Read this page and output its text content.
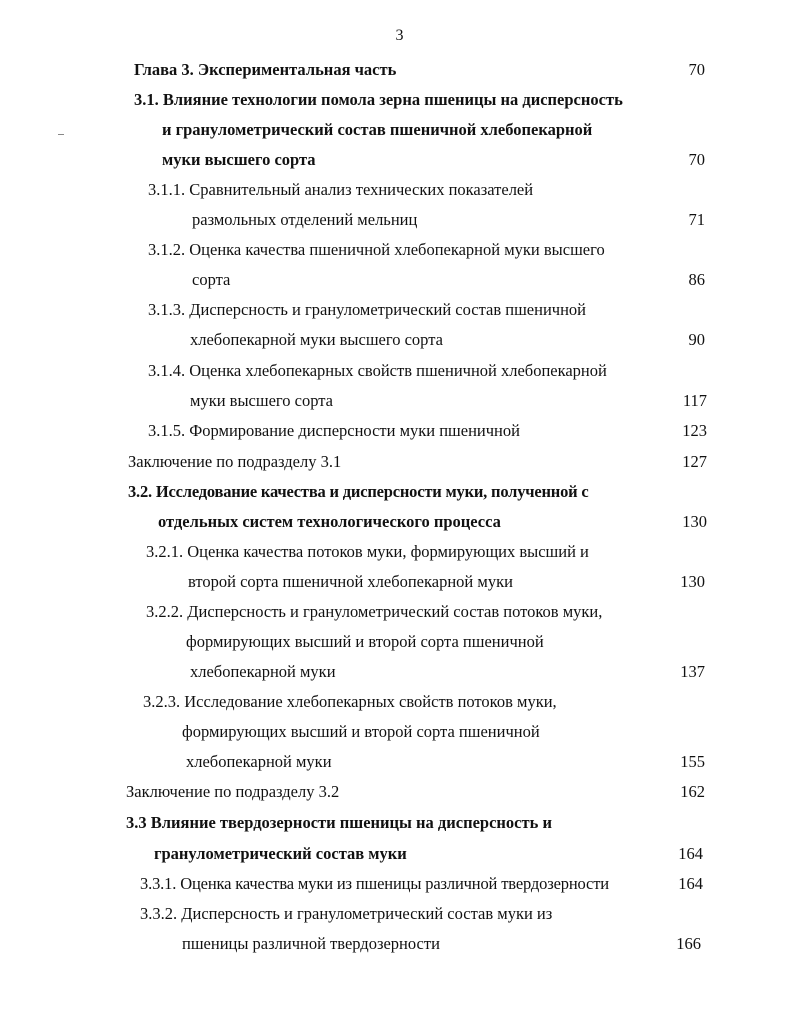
3
Глава 3. Экспериментальная часть	70
3.1. Влияние технологии помола зерна пшеницы на дисперсность
и гранулометрический состав пшеничной хлебопекарной
муки высшего сорта	70
3.1.1. Сравнительный анализ технических показателей
размольных отделений мельниц	71
3.1.2. Оценка качества пшеничной хлебопекарной муки высшего
сорта	86
3.1.3. Дисперсность и гранулометрический состав пшеничной
хлебопекарной муки высшего сорта	90
3.1.4. Оценка хлебопекарных свойств пшеничной хлебопекарной
муки высшего сорта	117
3.1.5. Формирование дисперсности муки пшеничной	123
Заключение по подразделу 3.1	127
3.2. Исследование качества и дисперсности муки, полученной с
отдельных систем технологического процесса	130
3.2.1. Оценка качества потоков муки, формирующих высший и
второй сорта пшеничной хлебопекарной муки	130
3.2.2. Дисперсность и гранулометрический состав потоков муки,
формирующих высший и второй сорта пшеничной
хлебопекарной муки	137
3.2.3. Исследование хлебопекарных свойств потоков муки,
формирующих высший и второй сорта пшеничной
хлебопекарной муки	155
Заключение по подразделу 3.2	162
3.3 Влияние твердозерности пшеницы на дисперсность и
гранулометрический состав муки	164
3.3.1. Оценка качества муки из пшеницы различной твердозерности	164
3.3.2. Дисперсность и гранулометрический состав муки из
пшеницы различной твердозерности	166
